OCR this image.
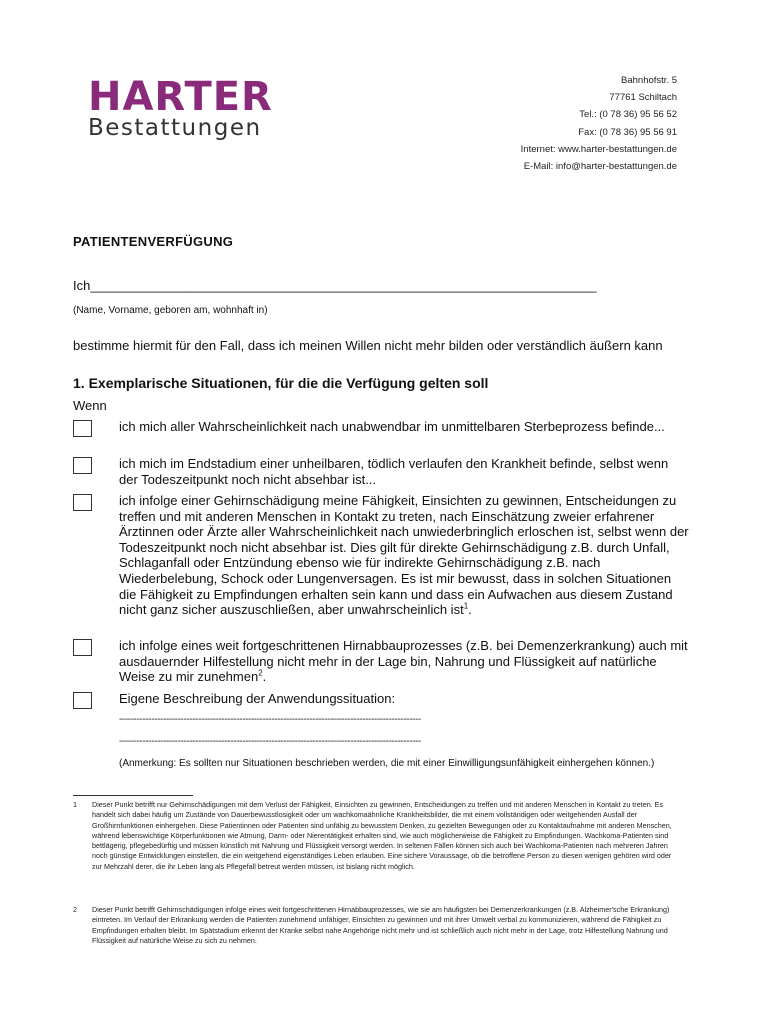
HARTER
Bestattungen
Bahnhofstr. 5
77761 Schiltach
Tel.: (0 78 36) 95 56 52
Fax: (0 78 36) 95 56 91
Internet: www.harter-bestattungen.de
E-Mail: info@harter-bestattungen.de
PATIENTENVERFÜGUNG
Ich______________________________________________________________________
(Name, Vorname, geboren am, wohnhaft in)
bestimme hiermit für den Fall, dass ich meinen Willen nicht mehr bilden oder verständlich äußern kann
1. Exemplarische Situationen, für die die Verfügung gelten soll
Wenn
ich mich aller Wahrscheinlichkeit nach unabwendbar im unmittelbaren Sterbeprozess befinde...
ich mich im Endstadium einer unheilbaren, tödlich verlaufen den Krankheit befinde, selbst wenn der Todeszeitpunkt noch nicht absehbar ist...
ich infolge einer Gehirnschädigung meine Fähigkeit, Einsichten zu gewinnen, Entscheidungen zu treffen und mit anderen Menschen in Kontakt zu treten, nach Einschätzung zweier erfahrener Ärztinnen oder Ärzte aller Wahrscheinlichkeit nach unwiederbringlich erloschen ist, selbst wenn der Todeszeitpunkt noch nicht absehbar ist. Dies gilt für direkte Gehirnschädigung z.B. durch Unfall, Schlaganfall oder Entzündung ebenso wie für indirekte Gehirnschädigung z.B. nach Wiederbelebung, Schock oder Lungenversagen. Es ist mir bewusst, dass in solchen Situationen die Fähigkeit zu Empfindungen erhalten sein kann und dass ein Aufwachen aus diesem Zustand nicht ganz sicher auszuschließen, aber unwahrscheinlich ist$^1$.
ich infolge eines weit fortgeschrittenen Hirnabbauprozesses (z.B. bei Demenzerkrankung) auch mit ausdauernder Hilfestellung nicht mehr in der Lage bin, Nahrung und Flüssigkeit auf natürliche Weise zu mir zunehmen$^2$.
Eigene Beschreibung der Anwendungssituation:
-------------------------------------------------------------------------------------------------------
-------------------------------------------------------------------------------------------------------
(Anmerkung: Es sollten nur Situationen beschrieben werden, die mit einer Einwilligungsunfähigkeit einhergehen können.)
1 Dieser Punkt betrifft nur Gehirnschädigungen mit dem Verlust der Fähigkeit, Einsichten zu gewinnen, Entscheidungen zu treffen und mit anderen Menschen in Kontakt zu treten. Es handelt sich dabei häufig um Zustände von Dauerbewusstlosigkeit oder um wachkomaähnliche Krankheitsbilder, die mit einem vollständigen oder weitgehenden Ausfall der Großhirnfunktionen einhergehen. Diese Patientinnen oder Patienten sind unfähig zu bewusstem Denken, zu gezielten Bewegungen oder zu Kontaktaufnahme mit anderen Menschen, während lebenswichtige Körperfunktionen wie Atmung, Darm- oder Nierentätigkeit erhalten sind, wie auch möglicherweise die Fähigkeit zu Empfindungen. Wachkoma-Patienten sind bettlägerig, pflegebedürftig und müssen künstlich mit Nahrung und Flüssigkeit versorgt werden. In seltenen Fällen können sich auch bei Wachkoma-Patienten nach mehreren Jahren noch günstige Entwicklungen einstellen, die ein weitgehend eigenständiges Leben erlauben. Eine sichere Voraussage, ob die betroffene Person zu diesen wenigen gehören wird oder zur Mehrzahl derer, die ihr Leben lang als Pflegefall betreut werden müssen, ist bislang nicht möglich.
2 Dieser Punkt betrifft Gehirnschädigungen infolge eines weit fortgeschrittenen Hirnabbauprozesses, wie sie am häufigsten bei Demenzerkrankungen (z.B. Alzheimer'sche Erkrankung) eintreten. Im Verlauf der Erkrankung werden die Patienten zunehmend unfähiger, Einsichten zu gewinnen und mit ihrer Umwelt verbal zu kommunizieren, während die Fähigkeit zu Empfindungen erhalten bleibt. Im Spätstadium erkennt der Kranke selbst nahe Angehörige nicht mehr und ist schließlich auch nicht mehr in der Lage, trotz Hilfestellung Nahrung und Flüssigkeit auf natürliche Weise zu sich zu nehmen.
